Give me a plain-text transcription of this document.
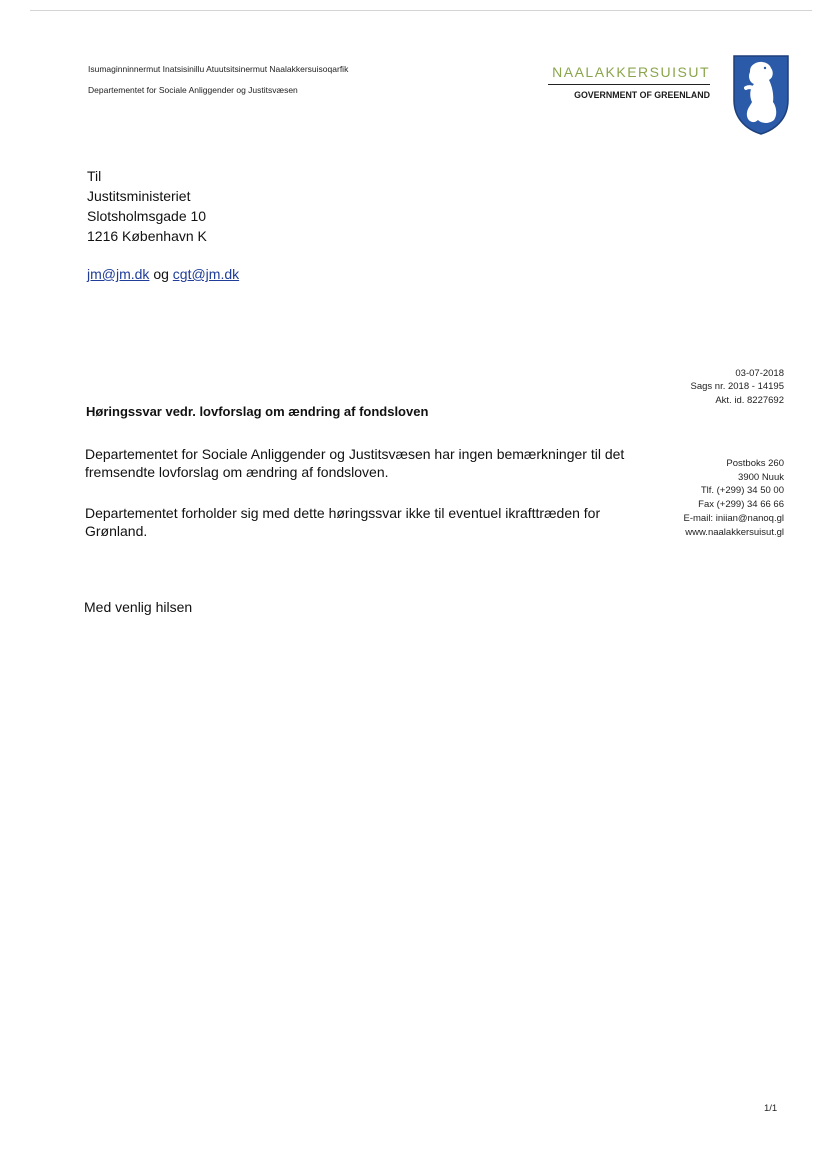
Isumaginninnermut Inatsisinillu Atuutsitsinermut Naalakkersuisoqarfik
Departementet for Sociale Anliggender og Justitsvæsen
NAALAKKERSUISUT
GOVERNMENT OF GREENLAND
Til
Justitsministeriet
Slotsholmsgade 10
1216 København K
jm@jm.dk og cgt@jm.dk
03-07-2018
Sags nr. 2018 - 14195
Akt. id. 8227692
Høringssvar vedr. lovforslag om ændring af fondsloven
Departementet for Sociale Anliggender og Justitsvæsen har ingen bemærkninger til det
fremsendte lovforslag om ændring af fondsloven.
Departementet forholder sig med dette høringssvar ikke til eventuel ikrafttræden for
Grønland.
Postboks 260
3900 Nuuk
Tlf. (+299) 34 50 00
Fax (+299) 34 66 66
E-mail: iniian@nanoq.gl
www.naalakkersuisut.gl
Med venlig hilsen
1/1
